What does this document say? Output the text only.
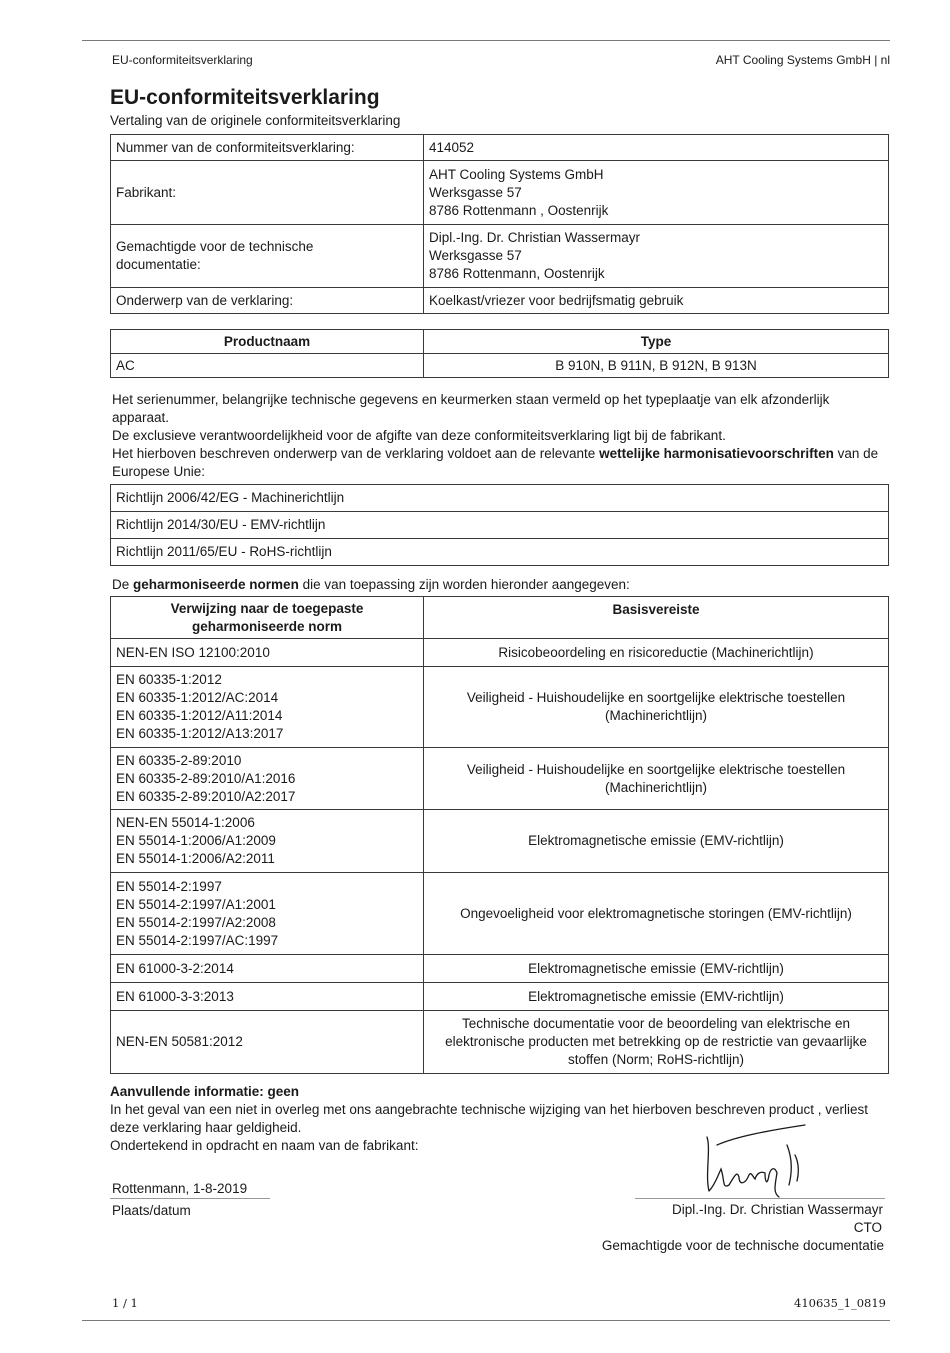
EU-conformiteitsverklaring	AHT Cooling Systems GmbH | nl
EU-conformiteitsverklaring
Vertaling van de originele conformiteitsverklaring
Nummer van de conformiteitsverklaring:	414052

Fabrikant:	AHT Cooling Systems GmbH
Werksgasse 57
8786 Rottenmann , Oostenrijk

Gemachtigde voor de technische documentatie:	Dipl.-Ing. Dr. Christian Wassermayr
Werksgasse 57
8786 Rottenmann, Oostenrijk

Onderwerp van de verklaring:	Koelkast/vriezer voor bedrijfsmatig gebruik
Productnaam	Type
AC	B 910N, B 911N, B 912N, B 913N
Het serienummer, belangrijke technische gegevens en keurmerken staan vermeld op het typeplaatje van elk afzonderlijk apparaat.
De exclusieve verantwoordelijkheid voor de afgifte van deze conformiteitsverklaring ligt bij de fabrikant.
Het hierboven beschreven onderwerp van de verklaring voldoet aan de relevante wettelijke harmonisatievoorschriften van de Europese Unie:
Richtlijn 2006/42/EG - Machinerichtlijn
Richtlijn 2014/30/EU - EMV-richtlijn
Richtlijn 2011/65/EU - RoHS-richtlijn
De geharmoniseerde normen die van toepassing zijn worden hieronder aangegeven:
Verwijzing naar de toegepaste geharmoniseerde norm	Basisvereiste

NEN-EN ISO 12100:2010	Risicobeoordeling en risicoreductie (Machinerichtlijn)

EN 60335-1:2012
EN 60335-1:2012/AC:2014
EN 60335-1:2012/A11:2014
EN 60335-1:2012/A13:2017	Veiligheid - Huishoudelijke en soortgelijke elektrische toestellen (Machinerichtlijn)

EN 60335-2-89:2010
EN 60335-2-89:2010/A1:2016
EN 60335-2-89:2010/A2:2017	Veiligheid - Huishoudelijke en soortgelijke elektrische toestellen (Machinerichtlijn)

NEN-EN 55014-1:2006
EN 55014-1:2006/A1:2009
EN 55014-1:2006/A2:2011	Elektromagnetische emissie (EMV-richtlijn)

EN 55014-2:1997
EN 55014-2:1997/A1:2001
EN 55014-2:1997/A2:2008
EN 55014-2:1997/AC:1997	Ongevoeligheid voor elektromagnetische storingen (EMV-richtlijn)

EN 61000-3-2:2014	Elektromagnetische emissie (EMV-richtlijn)

EN 61000-3-3:2013	Elektromagnetische emissie (EMV-richtlijn)

NEN-EN 50581:2012	Technische documentatie voor de beoordeling van elektrische en elektronische producten met betrekking op de restrictie van gevaarlijke stoffen (Norm; RoHS-richtlijn)
Aanvullende informatie: geen
In het geval van een niet in overleg met ons aangebrachte technische wijziging van het hierboven beschreven product , verliest deze verklaring haar geldigheid.
Ondertekend in opdracht en naam van de fabrikant:
Rottenmann, 1-8-2019
Plaats/datum	Dipl.-Ing. Dr. Christian Wassermayr
CTO
Gemachtigde voor de technische documentatie
1 / 1	410635_1_0819
